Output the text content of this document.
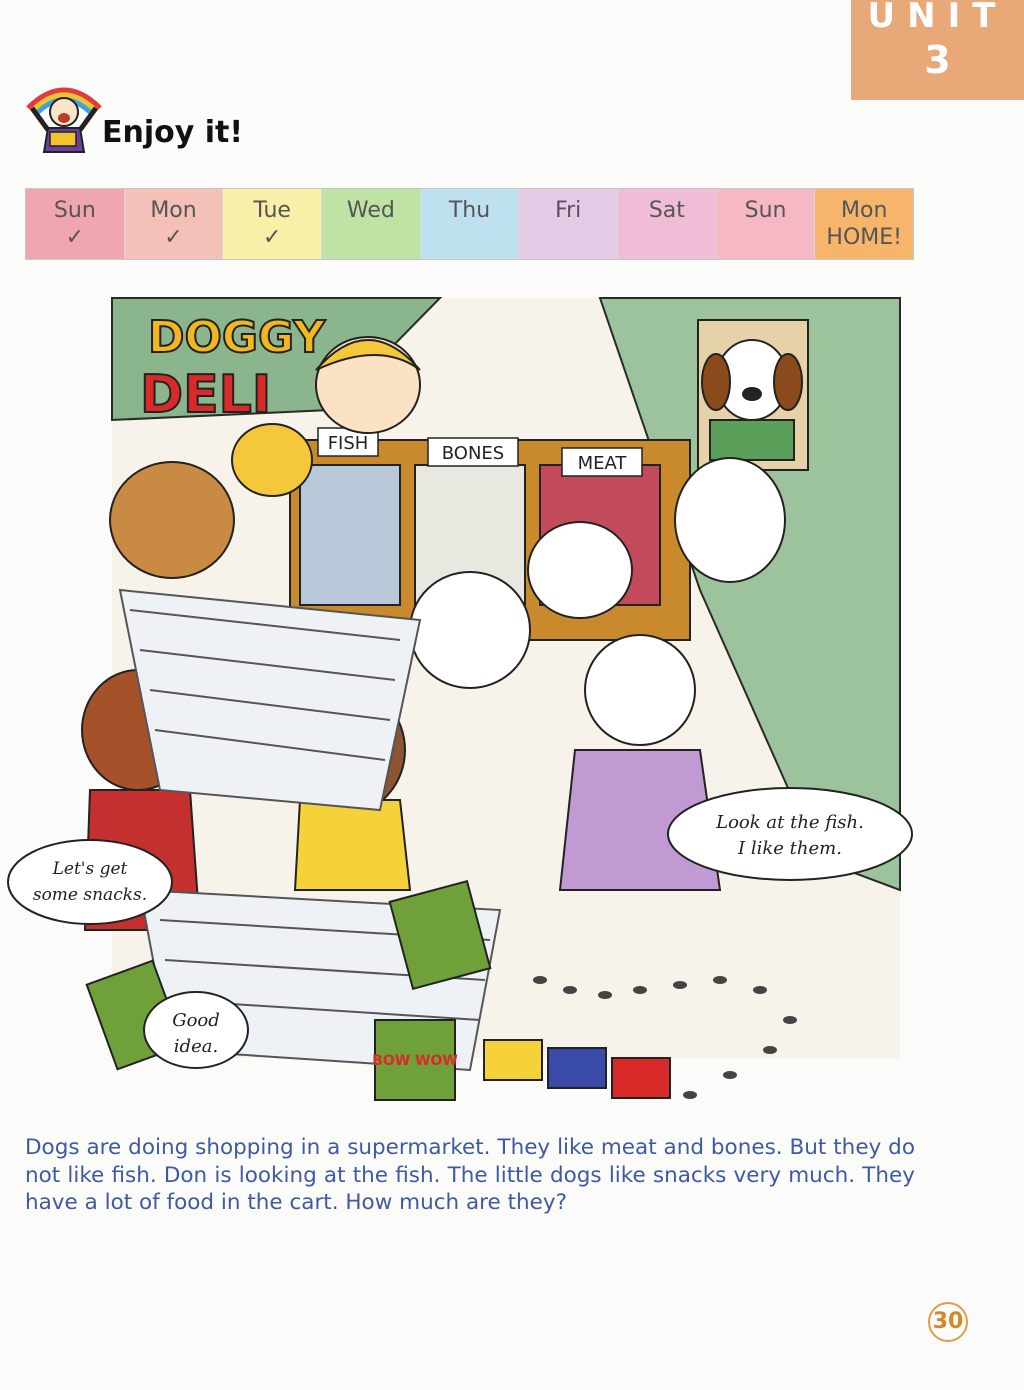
UNIT
3
Enjoy it!
Sun
✓
Mon
✓
Tue
✓
Wed	Thu	Fri	Sat	Sun	Mon
HOME!
DOGGY
DELI
FISH	BONES	MEAT
BOW WOW
Let's get
some snacks.
Look at the fish.
I like them.
Good
idea.
Dogs are doing shopping in a supermarket. They like meat and bones. But they do not like fish. Don is looking at the fish. The little dogs like snacks very much. They have a lot of food in the cart. How much are they?
30
